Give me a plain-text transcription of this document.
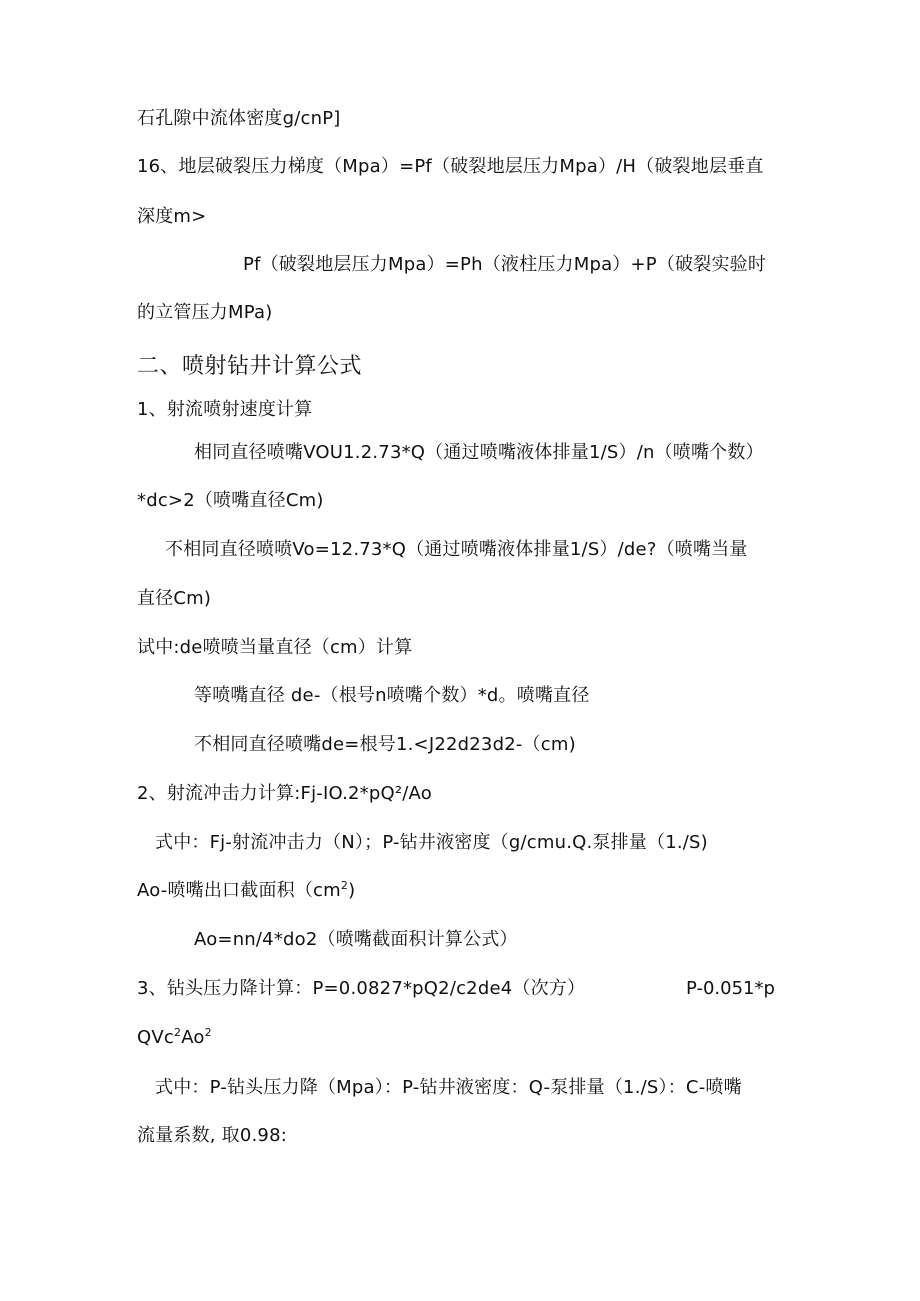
石孔隙中流体密度g/cnP]
16、地层破裂压力梯度（Mpa）=Pf（破裂地层压力Mpa）/H（破裂地层垂直
深度m>
Pf（破裂地层压力Mpa）=Ph（液柱压力Mpa）+P（破裂实验时
的立管压力MPa)
二、喷射钻井计算公式
1、射流喷射速度计算
相同直径喷嘴VOU1.2.73*Q（通过喷嘴液体排量1/S）/n（喷嘴个数）
*dc>2（喷嘴直径Cm)
不相同直径喷喷Vo=12.73*Q（通过喷嘴液体排量1/S）/de?（喷嘴当量
直径Cm)
试中:de喷喷当量直径（cm）计算
等喷嘴直径 de-（根号n喷嘴个数）*d。喷嘴直径
不相同直径喷嘴de=根号1.<J22d23d2-（cm)
2、射流冲击力计算:Fj-IO.2*pQ²/Ao
式中：Fj-射流冲击力（N）；P-钻井液密度（g/cmu.Q.泵排量（1./S)
Ao-喷嘴出口截面积$(cm^2)$
Ao=nn/4*do2（喷嘴截面积计算公式）
3、钻头压力降计算：P=0.0827*pQ2/c2de4（次方）	P-0.051*p
QVc$^2$Ao$^2$
式中：P-钻头压力降（Mpa）：P-钻井液密度：Q-泵排量（1./S）：C-喷嘴
流量系数, 取0.98:
